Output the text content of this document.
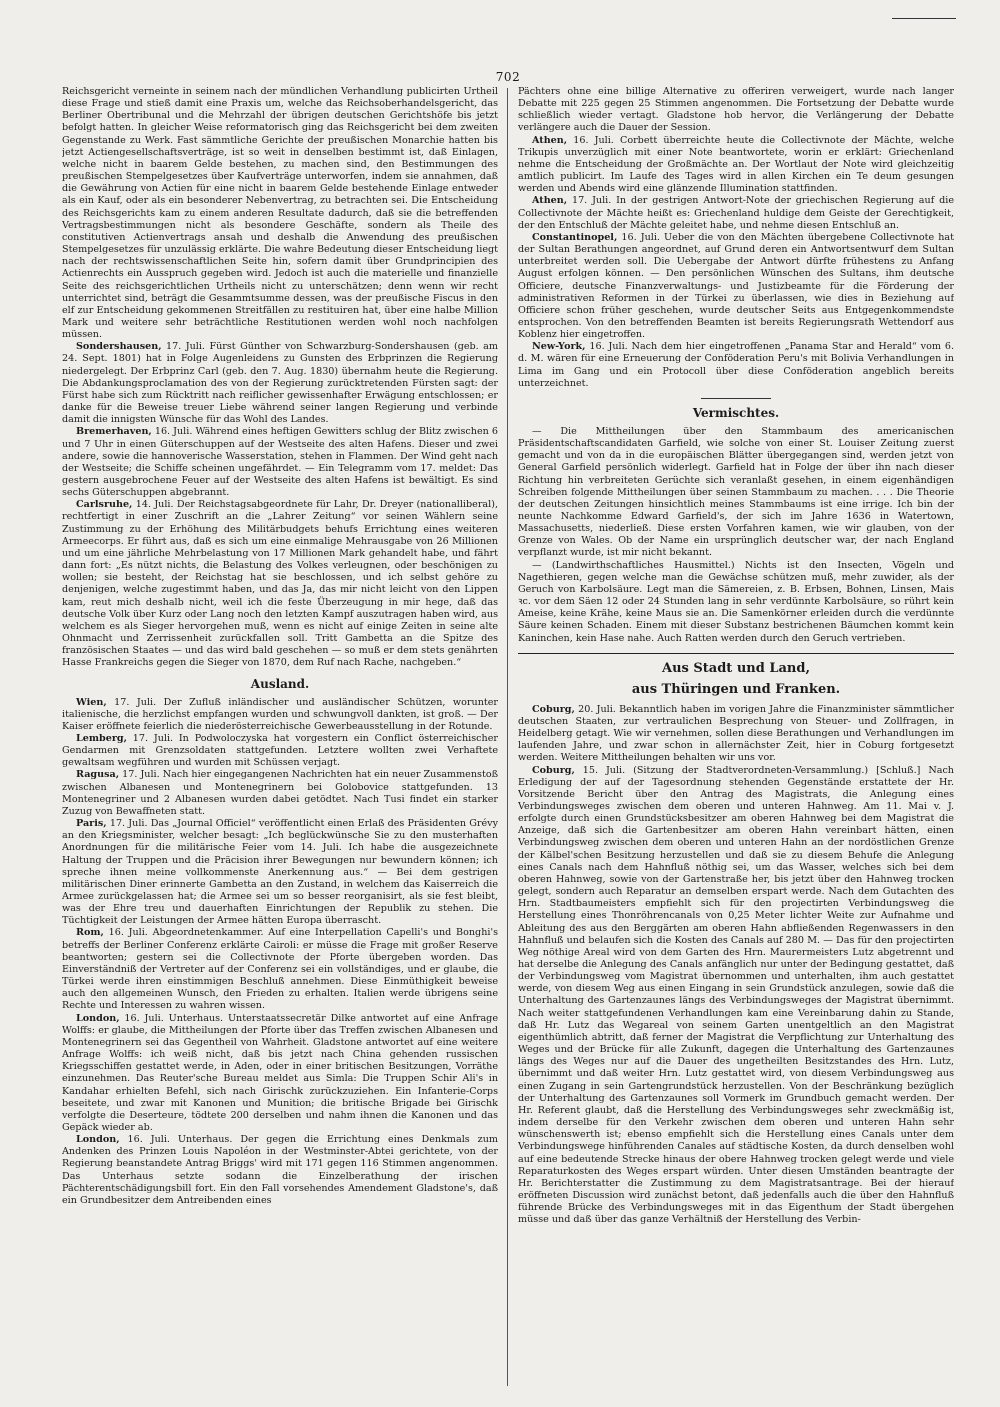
702

Reichsgericht verneinte in seinem nach der mündlichen Verhandlung publicirten Urtheil diese Frage und stieß damit eine Praxis um, welche das Reichsoberhandelsgericht, das Berliner Obertribunal und die Mehrzahl der übrigen deutschen Gerichtshöfe bis jetzt befolgt hatten. In gleicher Weise reformatorisch ging das Reichsgericht bei dem zweiten Gegenstande zu Werk. Fast sämmtliche Gerichte der preußischen Monarchie hatten bis jetzt Actiengesellschaftsverträge, ist so weit in denselben bestimmt ist, daß Einlagen, welche nicht in baarem Gelde bestehen, zu machen sind, den Bestimmungen des preußischen Stempelgesetzes über Kaufverträge unterworfen, indem sie annahmen, daß die Gewährung von Actien für eine nicht in baarem Gelde bestehende Einlage entweder als ein Kauf, oder als ein besonderer Nebenvertrag, zu betrachten sei. Die Entscheidung des Reichsgerichts kam zu einem anderen Resultate dadurch, daß sie die betreffenden Vertragsbestimmungen nicht als besondere Geschäfte, sondern als Theile des constitutiven Actienvertrags ansah und deshalb die Anwendung des preußischen Stempelgesetzes für unzulässig erklärte. Die wahre Bedeutung dieser Entscheidung liegt nach der rechtswissenschaftlichen Seite hin, sofern damit über Grundprincipien des Actienrechts ein Ausspruch gegeben wird. Jedoch ist auch die materielle und finanzielle Seite des reichsgerichtlichen Urtheils nicht zu unterschätzen; denn wenn wir recht unterrichtet sind, beträgt die Gesammtsumme dessen, was der preußische Fiscus in den elf zur Entscheidung gekommenen Streitfällen zu restituiren hat, über eine halbe Million Mark und weitere sehr beträchtliche Restitutionen werden wohl noch nachfolgen müssen.

Sondershausen, 17. Juli. Fürst Günther von Schwarzburg-Sondershausen (geb. am 24. Sept. 1801) hat in Folge Augenleidens zu Gunsten des Erbprinzen die Regierung niedergelegt. Der Erbprinz Carl (geb. den 7. Aug. 1830) übernahm heute die Regierung. Die Abdankungsproclamation des von der Regierung zurücktretenden Fürsten sagt: der Fürst habe sich zum Rücktritt nach reiflicher gewissenhafter Erwägung entschlossen; er danke für die Beweise treuer Liebe während seiner langen Regierung und verbinde damit die innigsten Wünsche für das Wohl des Landes.

Bremerhaven, 16. Juli. Während eines heftigen Gewitters schlug der Blitz zwischen 6 und 7 Uhr in einen Güterschuppen auf der Westseite des alten Hafens. Dieser und zwei andere, sowie die hannoverische Wasserstation, stehen in Flammen. Der Wind geht nach der Westseite; die Schiffe scheinen ungefährdet. — Ein Telegramm vom 17. meldet: Das gestern ausgebrochene Feuer auf der Westseite des alten Hafens ist bewältigt. Es sind sechs Güterschuppen abgebrannt.

Carlsruhe, 14. Juli. Der Reichstagsabgeordnete für Lahr, Dr. Dreyer (nationalliberal), rechtfertigt in einer Zuschrift an die „Lahrer Zeitung“ vor seinen Wählern seine Zustimmung zu der Erhöhung des Militärbudgets behufs Errichtung eines weiteren Armeecorps. Er führt aus, daß es sich um eine einmalige Mehrausgabe von 26 Millionen und um eine jährliche Mehrbelastung von 17 Millionen Mark gehandelt habe, und fährt dann fort: „Es nützt nichts, die Belastung des Volkes verleugnen, oder beschönigen zu wollen; sie besteht, der Reichstag hat sie beschlossen, und ich selbst gehöre zu denjenigen, welche zugestimmt haben, und das Ja, das mir nicht leicht von den Lippen kam, reut mich deshalb nicht, weil ich die feste Überzeugung in mir hege, daß das deutsche Volk über Kurz oder Lang noch den letzten Kampf auszutragen haben wird, aus welchem es als Sieger hervorgehen muß, wenn es nicht auf einige Zeiten in seine alte Ohnmacht und Zerrissenheit zurückfallen soll. Tritt Gambetta an die Spitze des französischen Staates — und das wird bald geschehen — so muß er dem stets genährten Hasse Frankreichs gegen die Sieger von 1870, dem Ruf nach Rache, nachgeben.“

Ausland.

Wien, 17. Juli. Der Zufluß inländischer und ausländischer Schützen, worunter italienische, die herzlichst empfangen wurden und schwungvoll dankten, ist groß. — Der Kaiser eröffnete feierlich die niederösterreichische Gewerbeausstellung in der Rotunde.

Lemberg, 17. Juli. In Podwoloczyska hat vorgestern ein Conflict österreichischer Gendarmen mit Grenzsoldaten stattgefunden. Letztere wollten zwei Verhaftete gewaltsam wegführen und wurden mit Schüssen verjagt.

Ragusa, 17. Juli. Nach hier eingegangenen Nachrichten hat ein neuer Zusammenstoß zwischen Albanesen und Montenegrinern bei Golobovice stattgefunden. 13 Montenegriner und 2 Albanesen wurden dabei getödtet. Nach Tusi findet ein starker Zuzug von Bewaffneten statt.

Paris, 17. Juli. Das „Journal Officiel“ veröffentlicht einen Erlaß des Präsidenten Grévy an den Kriegsminister, welcher besagt: „Ich beglückwünsche Sie zu den musterhaften Anordnungen für die militärische Feier vom 14. Juli. Ich habe die ausgezeichnete Haltung der Truppen und die Präcision ihrer Bewegungen nur bewundern können; ich spreche ihnen meine vollkommenste Anerkennung aus.“ — Bei dem gestrigen militärischen Diner erinnerte Gambetta an den Zustand, in welchem das Kaiserreich die Armee zurückgelassen hat; die Armee sei um so besser reorganisirt, als sie fest bleibt, was der Ehre treu und dauerhaften Einrichtungen der Republik zu stehen. Die Tüchtigkeit der Leistungen der Armee hätten Europa überrascht.

Rom, 16. Juli. Abgeordnetenkammer. Auf eine Interpellation Capelli's und Bonghi's betreffs der Berliner Conferenz erklärte Cairoli: er müsse die Frage mit großer Reserve beantworten; gestern sei die Collectivnote der Pforte übergeben worden. Das Einverständniß der Vertreter auf der Conferenz sei ein vollständiges, und er glaube, die Türkei werde ihren einstimmigen Beschluß annehmen. Diese Einmüthigkeit beweise auch den allgemeinen Wunsch, den Frieden zu erhalten. Italien werde übrigens seine Rechte und Interessen zu wahren wissen.

London, 16. Juli. Unterhaus. Unterstaatssecretär Dilke antwortet auf eine Anfrage Wolffs: er glaube, die Mittheilungen der Pforte über das Treffen zwischen Albanesen und Montenegrinern sei das Gegentheil von Wahrheit. Gladstone antwortet auf eine weitere Anfrage Wolffs: ich weiß nicht, daß bis jetzt nach China gehenden russischen Kriegsschiffen gestattet werde, in Aden, oder in einer britischen Besitzungen, Vorräthe einzunehmen. Das Reuter'sche Bureau meldet aus Simla: Die Truppen Schir Ali's in Kandahar erhielten Befehl, sich nach Girischk zurückzuziehen. Ein Infanterie-Corps beseitete, und zwar mit Kanonen und Munition; die britische Brigade bei Girischk verfolgte die Deserteure, tödtete 200 derselben und nahm ihnen die Kanonen und das Gepäck wieder ab.

London, 16. Juli. Unterhaus. Der gegen die Errichtung eines Denkmals zum Andenken des Prinzen Louis Napoléon in der Westminster-Abtei gerichtete, von der Regierung beanstandete Antrag Briggs' wird mit 171 gegen 116 Stimmen angenommen. Das Unterhaus setzte sodann die Einzelberathung der irischen Pächterentschädigungsbill fort. Ein den Fall vorsehendes Amendement Gladstone's, daß ein Grundbesitzer dem Antreibenden eines

Pächters ohne eine billige Alternative zu offeriren verweigert, wurde nach langer Debatte mit 225 gegen 25 Stimmen angenommen. Die Fortsetzung der Debatte wurde schließlich wieder vertagt. Gladstone hob hervor, die Verlängerung der Debatte verlängere auch die Dauer der Session.

Athen, 16. Juli. Corbett überreichte heute die Collectivnote der Mächte, welche Trikupis unverzüglich mit einer Note beantwortete, worin er erklärt: Griechenland nehme die Entscheidung der Großmächte an. Der Wortlaut der Note wird gleichzeitig amtlich publicirt. Im Laufe des Tages wird in allen Kirchen ein Te deum gesungen werden und Abends wird eine glänzende Illumination stattfinden.

Athen, 17. Juli. In der gestrigen Antwort-Note der griechischen Regierung auf die Collectivnote der Mächte heißt es: Griechenland huldige dem Geiste der Gerechtigkeit, der den Entschluß der Mächte geleitet habe, und nehme diesen Entschluß an.

Constantinopel, 16. Juli. Ueber die von den Mächten übergebene Collectivnote hat der Sultan Berathungen angeordnet, auf Grund deren ein Antwortsentwurf dem Sultan unterbreitet werden soll. Die Uebergabe der Antwort dürfte frühestens zu Anfang August erfolgen können. — Den persönlichen Wünschen des Sultans, ihm deutsche Officiere, deutsche Finanzverwaltungs- und Justizbeamte für die Förderung der administrativen Reformen in der Türkei zu überlassen, wie dies in Beziehung auf Officiere schon früher geschehen, wurde deutscher Seits aus Entgegenkommendste entsprochen. Von den betreffenden Beamten ist bereits Regierungsrath Wettendorf aus Koblenz hier eingetroffen.

New-York, 16. Juli. Nach dem hier eingetroffenen „Panama Star and Herald“ vom 6. d. M. wären für eine Erneuerung der Conföderation Peru's mit Bolivia Verhandlungen in Lima im Gang und ein Protocoll über diese Conföderation angeblich bereits unterzeichnet.

Vermischtes.

— Die Mittheilungen über den Stammbaum des americanischen Präsidentschaftscandidaten Garfield, wie solche von einer St. Louiser Zeitung zuerst gemacht und von da in die europäischen Blätter übergegangen sind, werden jetzt von General Garfield persönlich widerlegt. Garfield hat in Folge der über ihn nach dieser Richtung hin verbreiteten Gerüchte sich veranlaßt gesehen, in einem eigenhändigen Schreiben folgende Mittheilungen über seinen Stammbaum zu machen. . . . Die Theorie der deutschen Zeitungen hinsichtlich meines Stammbaums ist eine irrige. Ich bin der neunte Nachkomme Edward Garfield's, der sich im Jahre 1636 in Watertown, Massachusetts, niederließ. Diese ersten Vorfahren kamen, wie wir glauben, von der Grenze von Wales. Ob der Name ein ursprünglich deutscher war, der nach England verpflanzt wurde, ist mir nicht bekannt.

— (Landwirthschaftliches Hausmittel.) Nichts ist den Insecten, Vögeln und Nagethieren, gegen welche man die Gewächse schützen muß, mehr zuwider, als der Geruch von Karbolsäure. Legt man die Sämereien, z. B. Erbsen, Bohnen, Linsen, Mais ꝛc. vor dem Säen 12 oder 24 Stunden lang in sehr verdünnte Karbolsäure, so rührt kein Ameise, keine Krähe, keine Maus sie an. Die Samenkörner erleiden durch die verdünnte Säure keinen Schaden. Einem mit dieser Substanz bestrichenen Bäumchen kommt kein Kaninchen, kein Hase nahe. Auch Ratten werden durch den Geruch vertrieben.

Aus Stadt und Land,
aus Thüringen und Franken.

Coburg, 20. Juli. Bekanntlich haben im vorigen Jahre die Finanzminister sämmtlicher deutschen Staaten, zur vertraulichen Besprechung von Steuer- und Zollfragen, in Heidelberg getagt. Wie wir vernehmen, sollen diese Berathungen und Verhandlungen im laufenden Jahre, und zwar schon in allernächster Zeit, hier in Coburg fortgesetzt werden. Weitere Mittheilungen behalten wir uns vor.

Coburg, 15. Juli. (Sitzung der Stadtverordneten-Versammlung.) [Schluß.] Nach Erledigung der auf der Tagesordnung stehenden Gegenstände erstattete der Hr. Vorsitzende Bericht über den Antrag des Magistrats, die Anlegung eines Verbindungsweges zwischen dem oberen und unteren Hahnweg. Am 11. Mai v. J. erfolgte durch einen Grundstücksbesitzer am oberen Hahnweg bei dem Magistrat die Anzeige, daß sich die Gartenbesitzer am oberen Hahn vereinbart hätten, einen Verbindungsweg zwischen dem oberen und unteren Hahn an der nordöstlichen Grenze der Kälbel'schen Besitzung herzustellen und daß sie zu diesem Behufe die Anlegung eines Canals nach dem Hahnfluß nöthig sei, um das Wasser, welches sich bei dem oberen Hahnweg, sowie von der Gartenstraße her, bis jetzt über den Hahnweg trocken gelegt, sondern auch Reparatur an demselben erspart werde. Nach dem Gutachten des Hrn. Stadtbaumeisters empfiehlt sich für den projectirten Verbindungsweg die Herstellung eines Thonröhrencanals von 0,25 Meter lichter Weite zur Aufnahme und Ableitung des aus den Berggärten am oberen Hahn abfließenden Regenwassers in den Hahnfluß und belaufen sich die Kosten des Canals auf 280 M. — Das für den projectirten Weg nöthige Areal wird von dem Garten des Hrn. Maurermeisters Lutz abgetrennt und hat derselbe die Anlegung des Canals anfänglich nur unter der Bedingung gestattet, daß der Verbindungsweg vom Magistrat übernommen und unterhalten, ihm auch gestattet werde, von diesem Weg aus einen Eingang in sein Grundstück anzulegen, sowie daß die Unterhaltung des Gartenzaunes längs des Verbindungsweges der Magistrat übernimmt. Nach weiter stattgefundenen Verhandlungen kam eine Vereinbarung dahin zu Stande, daß Hr. Lutz das Wegareal von seinem Garten unentgeltlich an den Magistrat eigenthümlich abtritt, daß ferner der Magistrat die Verpflichtung zur Unterhaltung des Weges und der Brücke für alle Zukunft, dagegen die Unterhaltung des Gartenzaunes längs des Weges nur auf die Dauer des ungetheilten Besitzstandes des Hrn. Lutz, übernimmt und daß weiter Hrn. Lutz gestattet wird, von diesem Verbindungsweg aus einen Zugang in sein Gartengrundstück herzustellen. Von der Beschränkung bezüglich der Unterhaltung des Gartenzaunes soll Vormerk im Grundbuch gemacht werden. Der Hr. Referent glaubt, daß die Herstellung des Verbindungsweges sehr zweckmäßig ist, indem derselbe für den Verkehr zwischen dem oberen und unteren Hahn sehr wünschenswerth ist; ebenso empfiehlt sich die Herstellung eines Canals unter dem Verbindungswege hinführenden Canales auf städtische Kosten, da durch denselben wohl auf eine bedeutende Strecke hinaus der obere Hahnweg trocken gelegt werde und viele Reparaturkosten des Weges erspart würden. Unter diesen Umständen beantragte der Hr. Berichterstatter die Zustimmung zu dem Magistratsantrage. Bei der hierauf eröffneten Discussion wird zunächst betont, daß jedenfalls auch die über den Hahnfluß führende Brücke des Verbindungsweges mit in das Eigenthum der Stadt übergehen müsse und daß über das ganze Verhältniß der Herstellung des Verbin-
